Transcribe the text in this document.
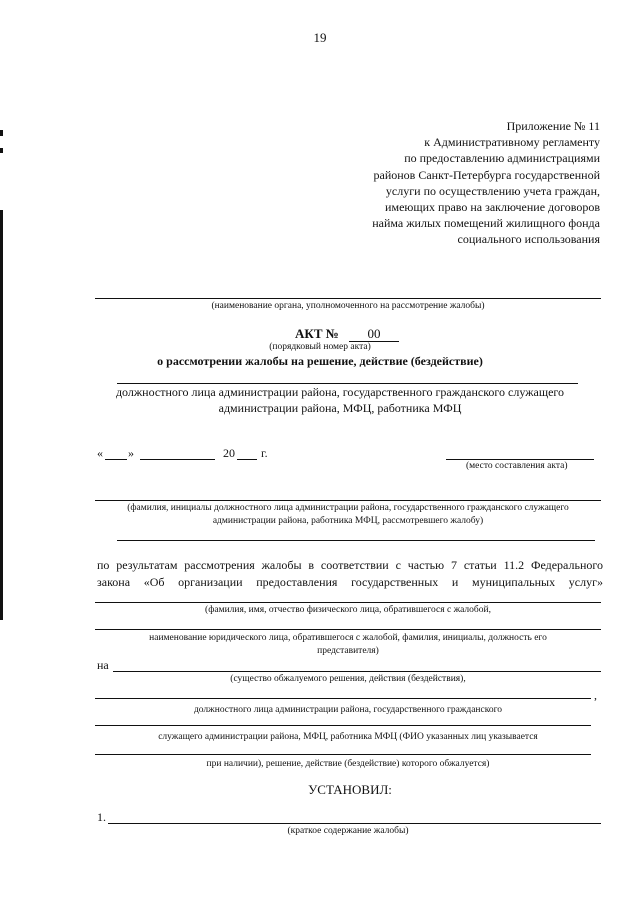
19
Приложение № 11
к Административному регламенту
по предоставлению администрациями
районов Санкт-Петербурга государственной
услуги по осуществлению учета граждан,
имеющих право на заключение договоров
найма жилых помещений жилищного фонда
социального использования
(наименование органа, уполномоченного на рассмотрение жалобы)
АКТ №	00
(порядковый номер акта)
о рассмотрении жалобы на решение, действие (бездействие)
должностного лица администрации района, государственного гражданского служащего
администрации района, МФЦ, работника МФЦ
« »	20 г.
(место составления акта)
(фамилия, инициалы должностного лица администрации района, государственного гражданского служащего
администрации района, работника МФЦ, рассмотревшего жалобу)
по результатам рассмотрения жалобы в соответствии с частью 7 статьи 11.2 Федерального
закона «Об организации предоставления государственных и муниципальных услуг»
(фамилия, имя, отчество физического лица, обратившегося с жалобой,
наименование юридического лица, обратившегося с жалобой, фамилия, инициалы, должность его
представителя)
на
(существо обжалуемого решения, действия (бездействия),
,
должностного лица администрации района, государственного гражданского
служащего администрации района, МФЦ, работника МФЦ (ФИО указанных лиц указывается
при наличии), решение, действие (бездействие) которого обжалуется)
УСТАНОВИЛ:
1.
(краткое содержание жалобы)
